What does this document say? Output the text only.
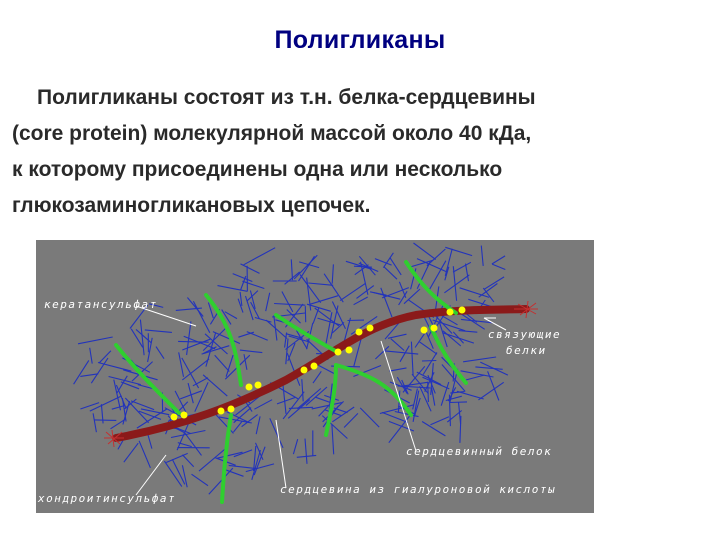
Полигликаны
Полигликаны состоят из т.н. белка-сердцевины
(core protein) молекулярной массой около 40 кДа,
к которому присоединены одна или несколько
глюкозаминогликановых цепочек.
кератансульфат
связующие
белки
сердцевинный белок
сердцевина из гиалуроновой кислоты
хондроитинсульфат
